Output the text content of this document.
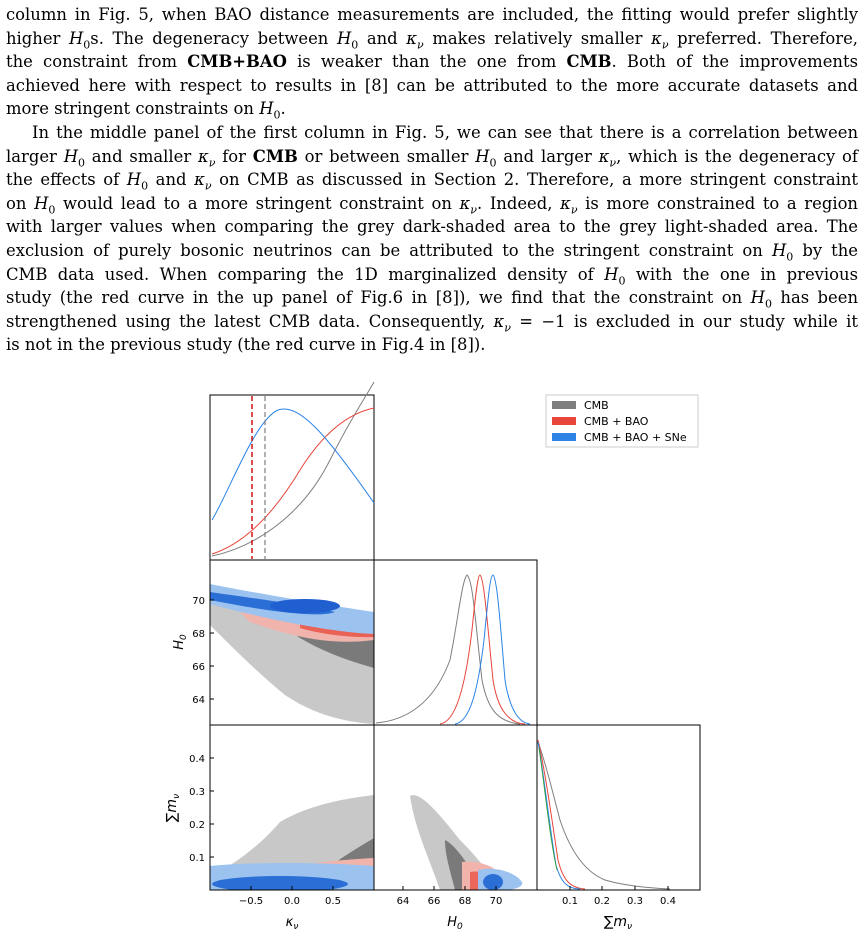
column in Fig. 5, when BAO distance measurements are included, the fitting would prefer slightly
higher $H_0s$. The degeneracy between $H_0$ and $\kappa_\nu$ makes relatively smaller $\kappa_\nu$ preferred. Therefore,
the constraint from CMB+BAO is weaker than the one from CMB. Both of the improvements
achieved here with respect to results in [8] can be attributed to the more accurate datasets and
more stringent constraints on $H_0$.
In the middle panel of the first column in Fig. 5, we can see that there is a correlation between
larger $H_0$ and smaller $\kappa_\nu$ for CMB or between smaller $H_0$ and larger $\kappa_\nu$, which is the degeneracy of
the effects of $H_0$ and $\kappa_\nu$ on CMB as discussed in Section 2. Therefore, a more stringent constraint
on $H_0$ would lead to a more stringent constraint on $\kappa_\nu$. Indeed, $\kappa_\nu$ is more constrained to a region
with larger values when comparing the grey dark-shaded area to the grey light-shaded area. The
exclusion of purely bosonic neutrinos can be attributed to the stringent constraint on $H_0$ by the
CMB data used. When comparing the 1D marginalized density of $H_0$ with the one in previous
study (the red curve in the up panel of Fig.6 in [8]), we find that the constraint on $H_0$ has been
strengthened using the latest CMB data. Consequently, $\kappa_\nu = -1$ is excluded in our study while it
is not in the previous study (the red curve in Fig.4 in [8]).
CMB
CMB + BAO
CMB + BAO + SNe
70
68
66
64
$H_0$
0.4
0.3
0.2
0.1
$\sum m_\nu$
−0.5 0.0	0.5
$\kappa_\nu$
64 66 68 70
$H_0$
0.1 0.2 0.3 0.4
$\sum m_\nu$
